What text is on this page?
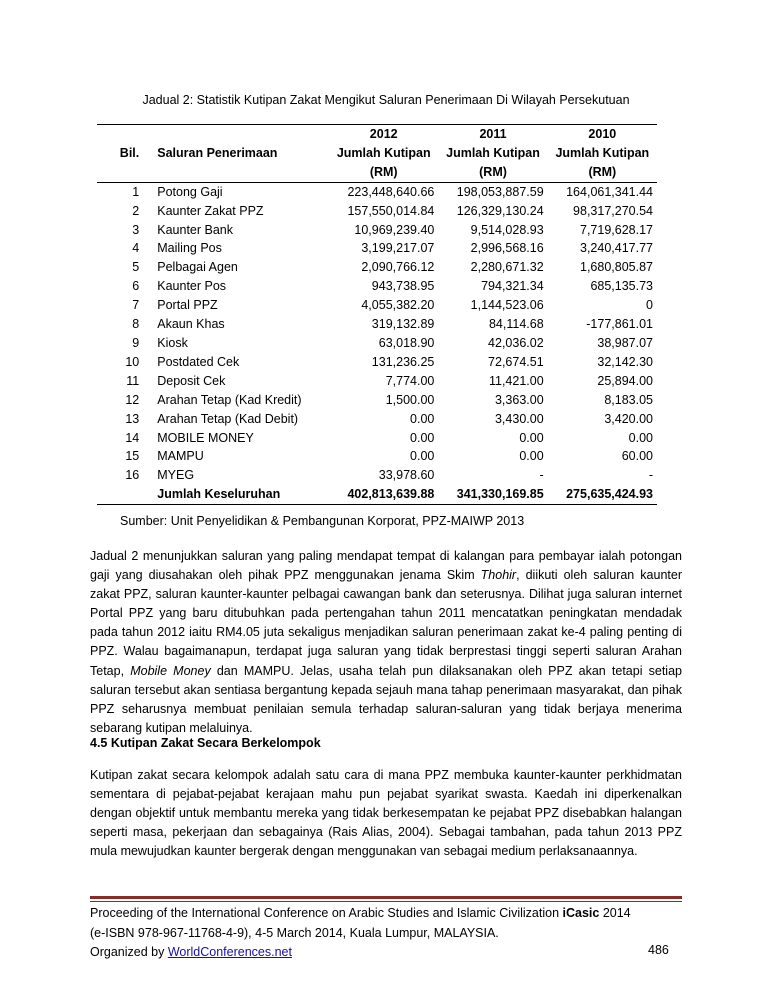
Jadual 2: Statistik Kutipan Zakat Mengikut Saluran Penerimaan Di Wilayah Persekutuan
		2012	2011	2010
Bil.	Saluran Penerimaan	Jumlah Kutipan	Jumlah Kutipan	Jumlah Kutipan
		(RM)	(RM)	(RM)
1	Potong Gaji	223,448,640.66	198,053,887.59	164,061,341.44
2	Kaunter Zakat PPZ	157,550,014.84	126,329,130.24	98,317,270.54
3	Kaunter Bank	10,969,239.40	9,514,028.93	7,719,628.17
4	Mailing Pos	3,199,217.07	2,996,568.16	3,240,417.77
5	Pelbagai Agen	2,090,766.12	2,280,671.32	1,680,805.87
6	Kaunter Pos	943,738.95	794,321.34	685,135.73
7	Portal PPZ	4,055,382.20	1,144,523.06	0
8	Akaun Khas	319,132.89	84,114.68	-177,861.01
9	Kiosk	63,018.90	42,036.02	38,987.07
10	Postdated Cek	131,236.25	72,674.51	32,142.30
11	Deposit Cek	7,774.00	11,421.00	25,894.00
12	Arahan Tetap (Kad Kredit)	1,500.00	3,363.00	8,183.05
13	Arahan Tetap (Kad Debit)	0.00	3,430.00	3,420.00
14	MOBILE MONEY	0.00	0.00	0.00
15	MAMPU	0.00	0.00	60.00
16	MYEG	33,978.60	-	-
	Jumlah Keseluruhan	402,813,639.88	341,330,169.85	275,635,424.93
Sumber: Unit Penyelidikan & Pembangunan Korporat, PPZ-MAIWP 2013

Jadual 2 menunjukkan saluran yang paling mendapat tempat di kalangan para pembayar ialah potongan gaji yang diusahakan oleh pihak PPZ menggunakan jenama Skim Thohir, diikuti oleh saluran kaunter zakat PPZ, saluran kaunter-kaunter pelbagai cawangan bank dan seterusnya. Dilihat juga saluran internet Portal PPZ yang baru ditubuhkan pada pertengahan tahun 2011 mencatatkan peningkatan mendadak pada tahun 2012 iaitu RM4.05 juta sekaligus menjadikan saluran penerimaan zakat ke-4 paling penting di PPZ. Walau bagaimanapun, terdapat juga saluran yang tidak berprestasi tinggi seperti saluran Arahan Tetap, Mobile Money dan MAMPU. Jelas, usaha telah pun dilaksanakan oleh PPZ akan tetapi setiap saluran tersebut akan sentiasa bergantung kepada sejauh mana tahap penerimaan masyarakat, dan pihak PPZ seharusnya membuat penilaian semula terhadap saluran-saluran yang tidak berjaya menerima sebarang kutipan melaluinya.

4.5 Kutipan Zakat Secara Berkelompok

Kutipan zakat secara kelompok adalah satu cara di mana PPZ membuka kaunter-kaunter perkhidmatan sementara di pejabat-pejabat kerajaan mahu pun pejabat syarikat swasta. Kaedah ini diperkenalkan dengan objektif untuk membantu mereka yang tidak berkesempatan ke pejabat PPZ disebabkan halangan seperti masa, pekerjaan dan sebagainya (Rais Alias, 2004). Sebagai tambahan, pada tahun 2013 PPZ mula mewujudkan kaunter bergerak dengan menggunakan van sebagai medium perlaksanaannya.

Proceeding of the International Conference on Arabic Studies and Islamic Civilization iCasic 2014
(e-ISBN 978-967-11768-4-9), 4-5 March 2014, Kuala Lumpur, MALAYSIA.
Organized by WorldConferences.net	486
